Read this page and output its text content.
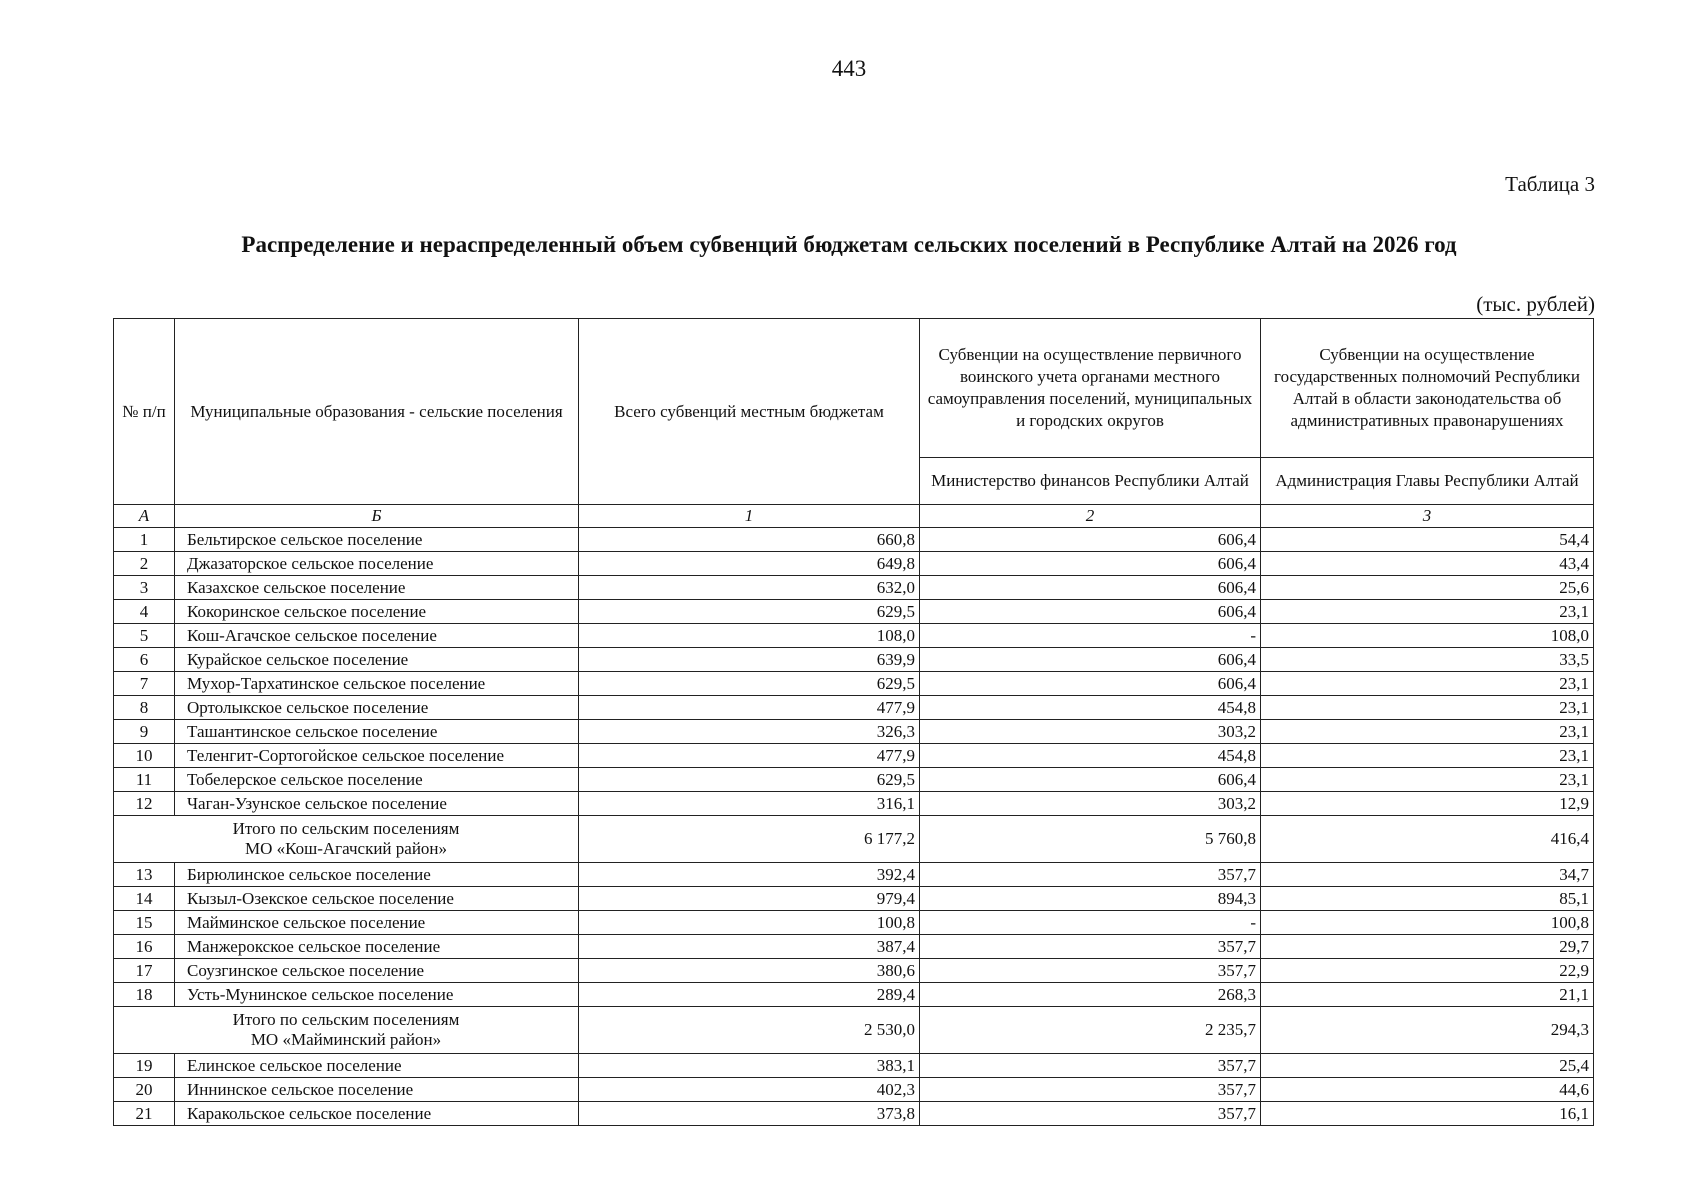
443
Таблица 3
Распределение и нераспределенный объем субвенций бюджетам сельских поселений в Республике Алтай на 2026 год
(тыс. рублей)
№ п/п	Муниципальные образования - сельские поселения	Всего субвенций местным бюджетам	Субвенции на осуществление первичного воинского учета органами местного самоуправления поселений, муниципальных и городских округов	Субвенции на осуществление государственных полномочий Республики Алтай в области законодательства об административных правонарушениях
			Министерство финансов Республики Алтай	Администрация Главы Республики Алтай
А	Б	1	2	3
1	Бельтирское сельское поселение	660,8	606,4	54,4
2	Джазаторское сельское поселение	649,8	606,4	43,4
3	Казахское сельское поселение	632,0	606,4	25,6
4	Кокоринское сельское поселение	629,5	606,4	23,1
5	Кош-Агачское сельское поселение	108,0	-	108,0
6	Курайское сельское поселение	639,9	606,4	33,5
7	Мухор-Тархатинское сельское поселение	629,5	606,4	23,1
8	Ортолыкское сельское поселение	477,9	454,8	23,1
9	Ташантинское сельское поселение	326,3	303,2	23,1
10	Теленгит-Сортогойское сельское поселение	477,9	454,8	23,1
11	Тобелерское сельское поселение	629,5	606,4	23,1
12	Чаган-Узунское сельское поселение	316,1	303,2	12,9

Итого по сельским поселениям
МО «Кош-Агачский район»		6 177,2	5 760,8	416,4
13	Бирюлинское сельское поселение	392,4	357,7	34,7
14	Кызыл-Озекское сельское поселение	979,4	894,3	85,1
15	Майминское сельское поселение	100,8	-	100,8
16	Манжерокское сельское поселение	387,4	357,7	29,7
17	Соузгинское сельское поселение	380,6	357,7	22,9
18	Усть-Мунинское сельское поселение	289,4	268,3	21,1

Итого по сельским поселениям
МО «Майминский район»		2 530,0	2 235,7	294,3
19	Елинское сельское поселение	383,1	357,7	25,4
20	Иннинское сельское поселение	402,3	357,7	44,6
21	Каракольское сельское поселение	373,8	357,7	16,1
